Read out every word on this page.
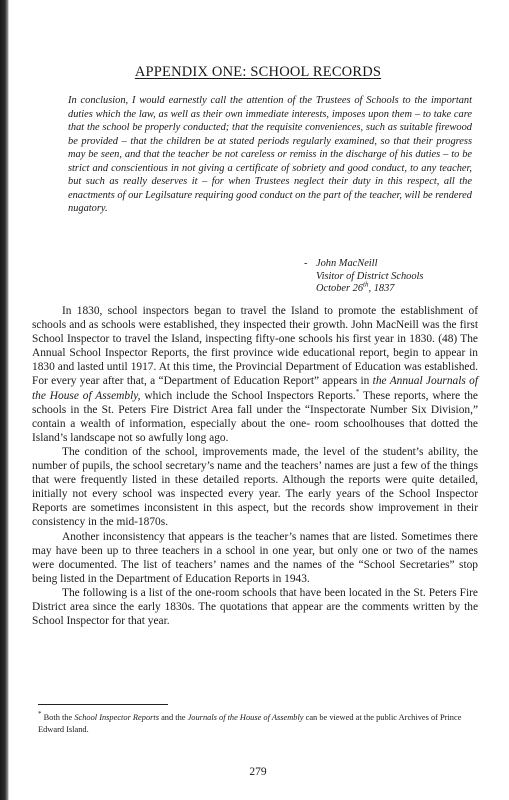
APPENDIX ONE: SCHOOL RECORDS
In conclusion, I would earnestly call the attention of the Trustees of Schools to the important duties which the law, as well as their own immediate interests, imposes upon them – to take care that the school be properly conducted; that the requisite conveniences, such as suitable firewood be provided – that the children be at stated periods regularly examined, so that their progress may be seen, and that the teacher be not careless or remiss in the discharge of his duties – to be strict and conscientious in not giving a certificate of sobriety and good conduct, to any teacher, but such as really deserves it – for when Trustees neglect their duty in this respect, all the enactments of our Legilsature requiring good conduct on the part of the teacher, will be rendered nugatory.
- John MacNeill
Visitor of District Schools
October 26th, 1837

In 1830, school inspectors began to travel the Island to promote the establishment of schools and as schools were established, they inspected their growth. John MacNeill was the first School Inspector to travel the Island, inspecting fifty-one schools his first year in 1830. (48) The Annual School Inspector Reports, the first province wide educational report, begin to appear in 1830 and lasted until 1917. At this time, the Provincial Department of Education was established. For every year after that, a “Department of Education Report” appears in the Annual Journals of the House of Assembly, which include the School Inspectors Reports.* These reports, where the schools in the St. Peters Fire District Area fall under the “Inspectorate Number Six Division,” contain a wealth of information, especially about the one- room schoolhouses that dotted the Island’s landscape not so awfully long ago.

The condition of the school, improvements made, the level of the student’s ability, the number of pupils, the school secretary’s name and the teachers’ names are just a few of the things that were frequently listed in these detailed reports. Although the reports were quite detailed, initially not every school was inspected every year. The early years of the School Inspector Reports are sometimes inconsistent in this aspect, but the records show improvement in their consistency in the mid-1870s.

Another inconsistency that appears is the teacher’s names that are listed. Sometimes there may have been up to three teachers in a school in one year, but only one or two of the names were documented. The list of teachers’ names and the names of the “School Secretaries” stop being listed in the Department of Education Reports in 1943.

The following is a list of the one-room schools that have been located in the St. Peters Fire District area since the early 1830s. The quotations that appear are the comments written by the School Inspector for that year.

* Both the School Inspector Reports and the Journals of the House of Assembly can be viewed at the public Archives of Prince Edward Island.
279
